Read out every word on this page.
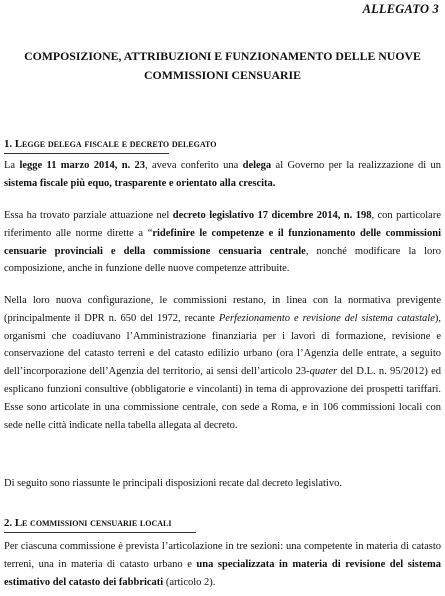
ALLEGATO 3
COMPOSIZIONE, ATTRIBUZIONI E FUNZIONAMENTO DELLE NUOVE
COMMISSIONI CENSUARIE
1. Legge delega fiscale e decreto delegato

La legge 11 marzo 2014, n. 23, aveva conferito una delega al Governo per la realizzazione di un sistema fiscale più equo, trasparente e orientato alla crescita.

Essa ha trovato parziale attuazione nel decreto legislativo 17 dicembre 2014, n. 198, con particolare riferimento alle norme dirette a “ridefinire le competenze e il funzionamento delle commissioni censuarie provinciali e della commissione censuaria centrale, nonché modificare la loro composizione, anche in funzione delle nuove competenze attribuite.

Nella loro nuova configurazione, le commissioni restano, in linea con la normativa previgente (principalmente il DPR n. 650 del 1972, recante Perfezionamento e revisione del sistema catastale), organismi che coadiuvano l’Amministrazione finanziaria per i lavori di formazione, revisione e conservazione del catasto terreni e del catasto edilizio urbano (ora l’Agenzia delle entrate, a seguito dell’incorporazione dell’Agenzia del territorio, ai sensi dell’articolo 23-quater del D.L. n. 95/2012) ed esplicano funzioni consultive (obbligatorie e vincolanti) in tema di approvazione dei prospetti tariffari. Esse sono articolate in una commissione centrale, con sede a Roma, e in 106 commissioni locali con sede nelle città indicate nella tabella allegata al decreto.

Di seguito sono riassunte le principali disposizioni recate dal decreto legislativo.

2. Le commissioni censuarie locali

Per ciascuna commissione è prevista l’articolazione in tre sezioni: una competente in materia di catasto terreni, una in materia di catasto urbano e una specializzata in materia di revisione del sistema estimativo del catasto dei fabbricati (articolo 2).
